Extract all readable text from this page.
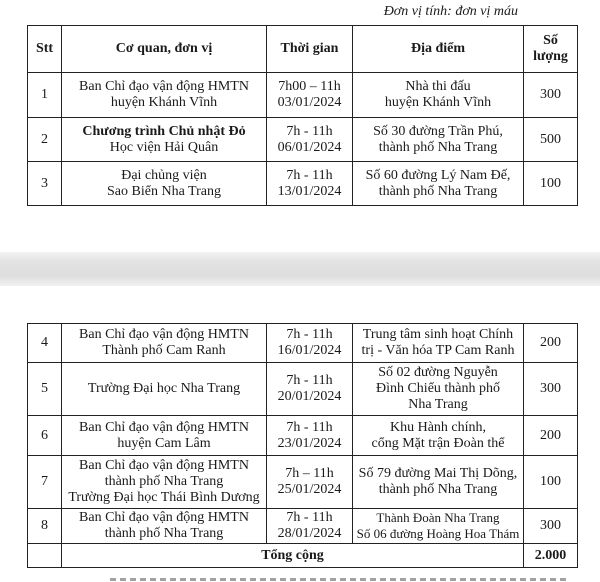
Đơn vị tính: đơn vị máu
Stt	Cơ quan, đơn vị	Thời gian	Địa điểm	Số
lượng

1	Ban Chỉ đạo vận động HMTN
huyện Khánh Vĩnh	7h00 – 11h
03/01/2024	Nhà thi đấu
huyện Khánh Vĩnh	300
2	Chương trình Chủ nhật Đỏ
Học viện Hải Quân	7h - 11h
06/01/2024	Số 30 đường Trần Phú,
thành phố Nha Trang	500
3	Đại chủng viện
Sao Biển Nha Trang	7h - 11h
13/01/2024	Số 60 đường Lý Nam Đế,
thành phố Nha Trang	100
4	Ban Chỉ đạo vận động HMTN
Thành phố Cam Ranh	7h - 11h
16/01/2024	Trung tâm sinh hoạt Chính
trị - Văn hóa TP Cam Ranh	200
5	Trường Đại học Nha Trang	7h - 11h
20/01/2024	Số 02 đường Nguyễn
Đình Chiểu thành phố
Nha Trang	300
6	Ban Chỉ đạo vận động HMTN
huyện Cam Lâm	7h - 11h
23/01/2024	Khu Hành chính,
cổng Mặt trận Đoàn thể	200
7	Ban Chỉ đạo vận động HMTN
thành phố Nha Trang
Trường Đại học Thái Bình Dương	7h – 11h
25/01/2024	Số 79 đường Mai Thị Dõng,
thành phố Nha Trang	100
8	Ban Chỉ đạo vận động HMTN
thành phố Nha Trang	7h - 11h
28/01/2024	Thành Đoàn Nha Trang
Số 06 đường Hoàng Hoa Thám	300
	Tổng cộng			2.000
